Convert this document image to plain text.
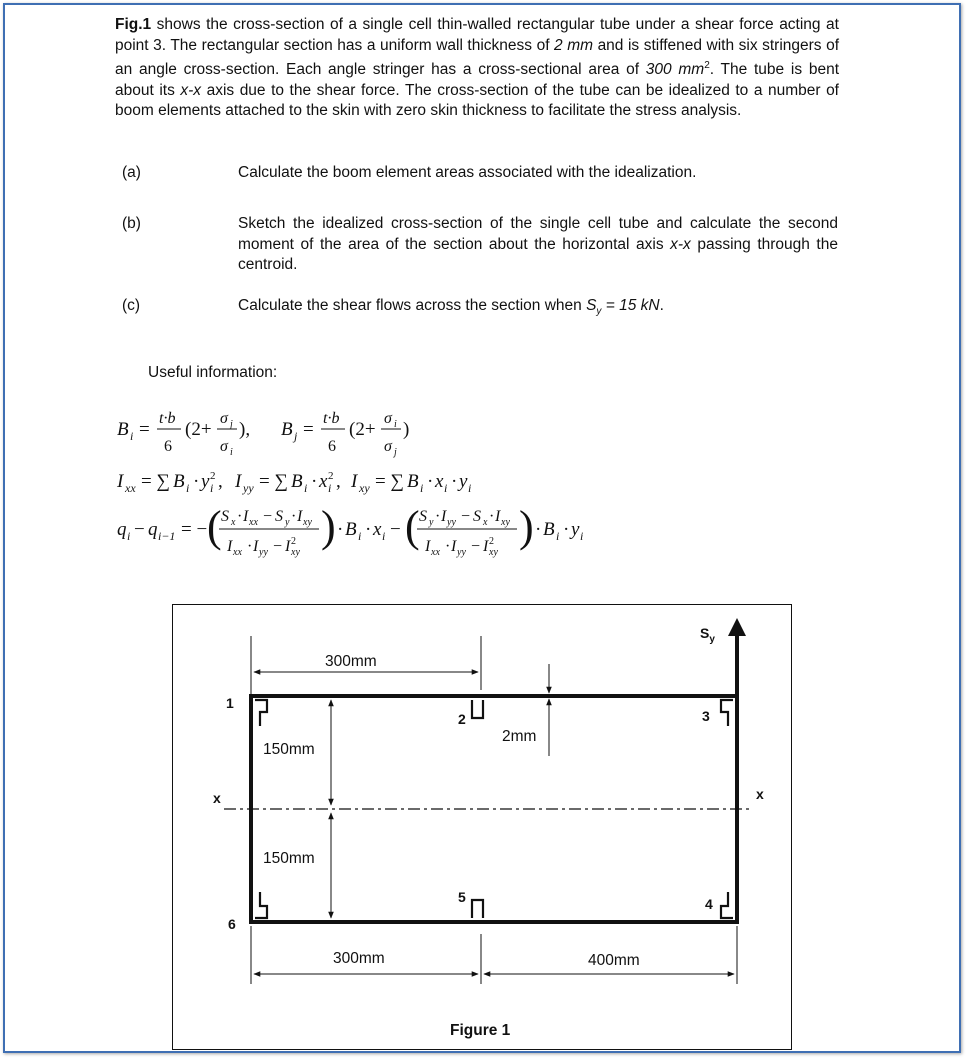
Fig.1 shows the cross-section of a single cell thin-walled rectangular tube under a shear force acting at point 3. The rectangular section has a uniform wall thickness of 2 mm and is stiffened with six stringers of an angle cross-section. Each angle stringer has a cross-sectional area of 300 $mm^2$. The tube is bent about its x-x axis due to the shear force. The cross-section of the tube can be idealized to a number of boom elements attached to the skin with zero skin thickness to facilitate the stress analysis.
(a)	Calculate the boom element areas associated with the idealization.
(b)	Sketch the idealized cross-section of the single cell tube and calculate the second moment of the area of the section about the horizontal axis x-x passing through the centroid.
(c)	Calculate the shear flows across the section when $S_y = 15$ kN.
Useful information:
B i =
t·b
6
(2+
σ j
σ i
), B j =
t·b
6
(2+
σ i
σ j
)
I xx = ∑ B i · y i
2 , I yy = ∑ B i · x i
2 , I xy = ∑ B i · x i · y i
q i − q i−1 = − ( S x · I xx − S y · I xy
I xx · I yy − I xy
2 ) · B i · x i − ( S y · I yy − S x · I xy
I xx · I yy − I xy
2 ) · B i · y i
300mm
300mm	400mm
150mm
150mm
2mm
x	x
$S_y$
1
2	3
4
5
6
Figure 1
